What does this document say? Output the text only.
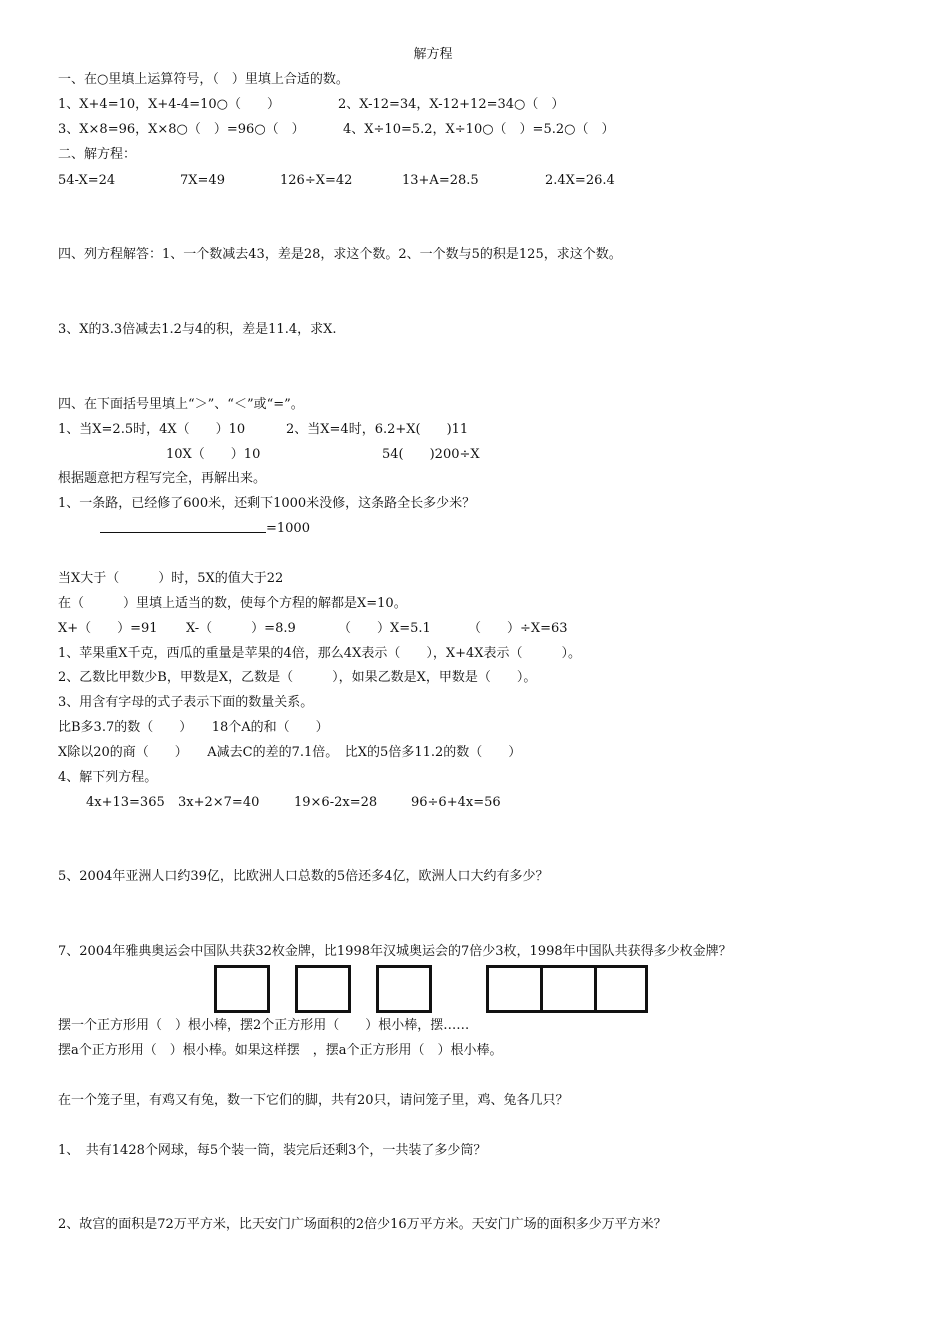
解方程
一、在○里填上运算符号，（　）里填上合适的数。
1、X+4=10，X+4-4=10○（　　）	2、X-12=34，X-12+12=34○（　）
3、X×8=96，X×8○（　）=96○（　）	4、X÷10=5.2，X÷10○（　）=5.2○（　）
二、解方程：
54-X=24	7X=49	126÷X=42	13+A=28.5	2.4X=26.4
四、列方程解答：1、一个数减去43，差是28，求这个数。2、一个数与5的积是125，求这个数。
3、X的3.3倍减去1.2与4的积，差是11.4，求X.
四、在下面括号里填上“＞”、“＜”或“=”。
1、当X=2.5时，4X（　　）10	2、当X=4时，6.2+X(　　)11
10X（　　）10	54(　　)200÷X
根据题意把方程写完全，再解出来。
1、一条路，已经修了600米，还剩下1000米没修，这条路全长多少米？
=1000
当X大于（　　　）时，5X的值大于22
在（　　　）里填上适当的数，使每个方程的解都是X=10。
X+（　　）=91 X-（　　　）=8.9	（　　）X=5.1	（　　）÷X=63
1、苹果重X千克，西瓜的重量是苹果的4倍，那么4X表示（　　），X+4X表示（　　　）。
2、乙数比甲数少B，甲数是X，乙数是（　　　），如果乙数是X，甲数是（　　）。
3、用含有字母的式子表示下面的数量关系。
比B多3.7的数（　　）　　18个A的和（　　）
X除以20的商（　　）　　A减去C的差的7.1倍。　比X的5倍多11.2的数（　　）
4、解下列方程。
4x+13=365 3x+2×7=40	19×6-2x=28	96÷6+4x=56
5、2004年亚洲人口约39亿，比欧洲人口总数的5倍还多4亿，欧洲人口大约有多少？
7、2004年雅典奥运会中国队共获32枚金牌，比1998年汉城奥运会的7倍少3枚，1998年中国队共获得多少枚金牌？
摆一个正方形用（　）根小棒，摆2个正方形用（　　）根小棒，摆……
摆a个正方形用（　）根小棒。如果这样摆　，摆a个正方形用（　）根小棒。
在一个笼子里，有鸡又有兔，数一下它们的脚，共有20只，请问笼子里，鸡、兔各几只？
1、　共有1428个网球，每5个装一筒，装完后还剩3个，一共装了多少筒？
2、故宫的面积是72万平方米，比天安门广场面积的2倍少16万平方米。天安门广场的面积多少万平方米？
